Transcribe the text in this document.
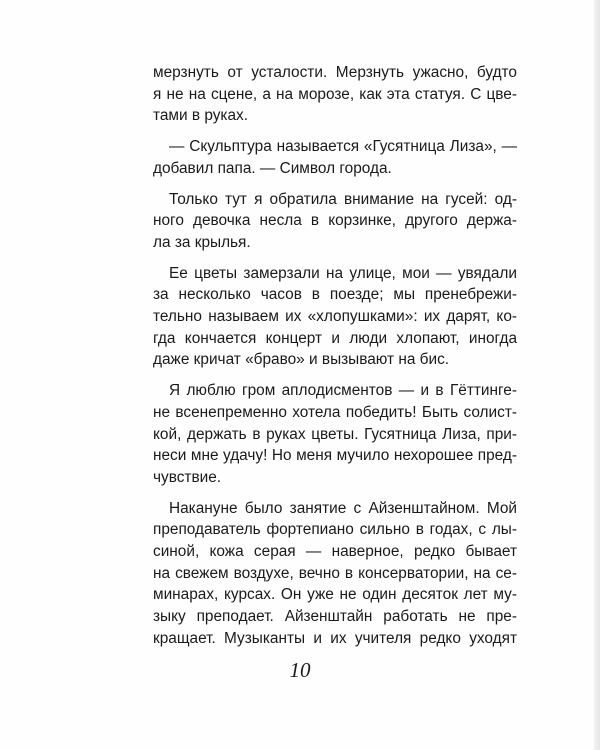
мерзнуть от усталости. Мерзнуть ужасно, будто
я не на сцене, а на морозе, как эта статуя. С цве-
тами в руках.
— Скульптура называется «Гусятница Лиза», —
добавил папа. — Символ города.
Только тут я обратила внимание на гусей: од-
ного девочка несла в корзинке, другого держа-
ла за крылья.
Ее цветы замерзали на улице, мои — увядали
за несколько часов в поезде; мы пренебрежи-
тельно называем их «хлопушками»: их дарят, ко-
гда кончается концерт и люди хлопают, иногда
даже кричат «браво» и вызывают на бис.
Я люблю гром аплодисментов — и в Гёттинге-
не всенепременно хотела победить! Быть солист-
кой, держать в руках цветы. Гусятница Лиза, при-
неси мне удачу! Но меня мучило нехорошее пред-
чувствие.
Накануне было занятие с Айзенштайном. Мой
преподаватель фортепиано сильно в годах, с лы-
синой, кожа серая — наверное, редко бывает
на свежем воздухе, вечно в консерватории, на се-
минарах, курсах. Он уже не один десяток лет му-
зыку преподает. Айзенштайн работать не пре-
кращает. Музыканты и их учителя редко уходят
10
